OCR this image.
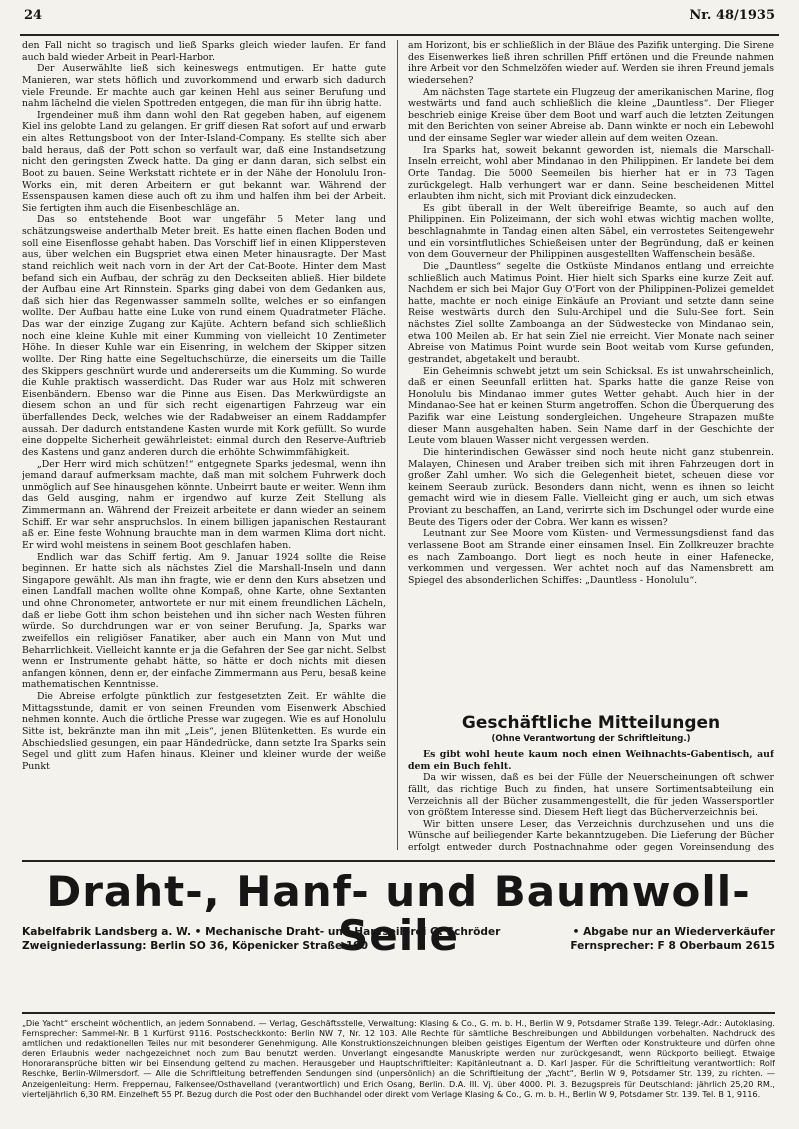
24	Nr. 48/1935

den Fall nicht so tragisch und ließ Sparks gleich wieder laufen. Er fand auch bald wieder Arbeit in Pearl-Harbor.

Der Auserwählte ließ sich keineswegs entmutigen. Er hatte gute Manieren, war stets höflich und zuvorkommend und erwarb sich dadurch viele Freunde. Er machte auch gar keinen Hehl aus seiner Berufung und nahm lächelnd die vielen Spottreden entgegen, die man für ihn übrig hatte.

Irgendeiner muß ihm dann wohl den Rat gegeben haben, auf eigenem Kiel ins gelobte Land zu gelangen. Er griff diesen Rat sofort auf und erwarb ein altes Rettungsboot von der Inter-Island-Company. Es stellte sich aber bald heraus, daß der Pott schon so verfault war, daß eine Instandsetzung nicht den geringsten Zweck hatte. Da ging er dann daran, sich selbst ein Boot zu bauen. Seine Werkstatt richtete er in der Nähe der Honolulu Iron-Works ein, mit deren Arbeitern er gut bekannt war. Während der Essenspausen kamen diese auch oft zu ihm und halfen ihm bei der Arbeit. Sie fertigten ihm auch die Eisenbeschläge an.

Das so entstehende Boot war ungefähr 5 Meter lang und schätzungsweise anderthalb Meter breit. Es hatte einen flachen Boden und soll eine Eisenflosse gehabt haben. Das Vorschiff lief in einen Klippersteven aus, über welchen ein Bugspriet etwa einen Meter hinausragte. Der Mast stand reichlich weit nach vorn in der Art der Cat-Boote. Hinter dem Mast befand sich ein Aufbau, der schräg zu den Deckseiten abließ. Hier bildete der Aufbau eine Art Rinnstein. Sparks ging dabei von dem Gedanken aus, daß sich hier das Regenwasser sammeln sollte, welches er so einfangen wollte. Der Aufbau hatte eine Luke von rund einem Quadratmeter Fläche. Das war der einzige Zugang zur Kajüte. Achtern befand sich schließlich noch eine kleine Kuhle mit einer Kumming von vielleicht 10 Zentimeter Höhe. In dieser Kuhle war ein Eisenring, in welchem der Skipper sitzen wollte. Der Ring hatte eine Segeltuchschürze, die einerseits um die Taille des Skippers geschnürt wurde und andererseits um die Kumming. So wurde die Kuhle praktisch wasserdicht. Das Ruder war aus Holz mit schweren Eisenbändern. Ebenso war die Pinne aus Eisen. Das Merkwürdigste an diesem schon an und für sich recht eigenartigen Fahrzeug war ein überfallendes Deck, welches wie der Radabweiser an einem Raddampfer aussah. Der dadurch entstandene Kasten wurde mit Kork gefüllt. So wurde eine doppelte Sicherheit gewährleistet: einmal durch den Reserve-Auftrieb des Kastens und ganz anderen durch die erhöhte Schwimmfähigkeit.

„Der Herr wird mich schützen!“ entgegnete Sparks jedesmal, wenn ihn jemand darauf aufmerksam machte, daß man mit solchem Fuhrwerk doch unmöglich auf See hinausgehen könnte. Unbeirrt baute er weiter. Wenn ihm das Geld ausging, nahm er irgendwo auf kurze Zeit Stellung als Zimmermann an. Während der Freizeit arbeitete er dann wieder an seinem Schiff. Er war sehr anspruchslos. In einem billigen japanischen Restaurant aß er. Eine feste Wohnung brauchte man in dem warmen Klima dort nicht. Er wird wohl meistens in seinem Boot geschlafen haben.

Endlich war das Schiff fertig. Am 9. Januar 1924 sollte die Reise beginnen. Er hatte sich als nächstes Ziel die Marshall-Inseln und dann Singapore gewählt. Als man ihn fragte, wie er denn den Kurs absetzen und einen Landfall machen wollte ohne Kompaß, ohne Karte, ohne Sextanten und ohne Chronometer, antwortete er nur mit einem freundlichen Lächeln, daß er liebe Gott ihm schon beistehen und ihn sicher nach Westen führen würde. So durchdrungen war er von seiner Berufung. Ja, Sparks war zweifellos ein religiöser Fanatiker, aber auch ein Mann von Mut und Beharrlichkeit. Vielleicht kannte er ja die Gefahren der See gar nicht. Selbst wenn er Instrumente gehabt hätte, so hätte er doch nichts mit diesen anfangen können, denn er, der einfache Zimmermann aus Peru, besaß keine mathematischen Kenntnisse.

Die Abreise erfolgte pünktlich zur festgesetzten Zeit. Er wählte die Mittagsstunde, damit er von seinen Freunden vom Eisenwerk Abschied nehmen konnte. Auch die örtliche Presse war zugegen. Wie es auf Honolulu Sitte ist, bekränzte man ihn mit „Leis“, jenen Blütenketten. Es wurde ein Abschiedslied gesungen, ein paar Händedrücke, dann setzte Ira Sparks sein Segel und glitt zum Hafen hinaus. Kleiner und kleiner wurde der weiße Punkt

am Horizont, bis er schließlich in der Bläue des Pazifik unterging. Die Sirene des Eisenwerkes ließ ihren schrillen Pfiff ertönen und die Freunde nahmen ihre Arbeit vor den Schmelzöfen wieder auf. Werden sie ihren Freund jemals wiedersehen?

Am nächsten Tage startete ein Flugzeug der amerikanischen Marine, flog westwärts und fand auch schließlich die kleine „Dauntless“. Der Flieger beschrieb einige Kreise über dem Boot und warf auch die letzten Zeitungen mit den Berichten von seiner Abreise ab. Dann winkte er noch ein Lebewohl und der einsame Segler war wieder allein auf dem weiten Ozean.

Ira Sparks hat, soweit bekannt geworden ist, niemals die Marschall-Inseln erreicht, wohl aber Mindanao in den Philippinen. Er landete bei dem Orte Tandag. Die 5000 Seemeilen bis hierher hat er in 73 Tagen zurückgelegt. Halb verhungert war er dann. Seine bescheidenen Mittel erlaubten ihm nicht, sich mit Proviant dick einzudecken.

Es gibt überall in der Welt übereifrige Beamte, so auch auf den Philippinen. Ein Polizeimann, der sich wohl etwas wichtig machen wollte, beschlagnahmte in Tandag einen alten Säbel, ein verrostetes Seitengewehr und ein vorsintflutliches Schießeisen unter der Begründung, daß er keinen von dem Gouverneur der Philippinen ausgestellten Waffenschein besäße.

Die „Dauntless“ segelte die Ostküste Mindanos entlang und erreichte schließlich auch Matimus Point. Hier hielt sich Sparks eine kurze Zeit auf. Nachdem er sich bei Major Guy O'Fort von der Philippinen-Polizei gemeldet hatte, machte er noch einige Einkäufe an Proviant und setzte dann seine Reise westwärts durch den Sulu-Archipel und die Sulu-See fort. Sein nächstes Ziel sollte Zamboanga an der Südwestecke von Mindanao sein, etwa 100 Meilen ab. Er hat sein Ziel nie erreicht. Vier Monate nach seiner Abreise von Matimus Point wurde sein Boot weitab vom Kurse gefunden, gestrandet, abgetakelt und beraubt.

Ein Geheimnis schwebt jetzt um sein Schicksal. Es ist unwahrscheinlich, daß er einen Seeunfall erlitten hat. Sparks hatte die ganze Reise von Honolulu bis Mindanao immer gutes Wetter gehabt. Auch hier in der Mindanao-See hat er keinen Sturm angetroffen. Schon die Überquerung des Pazifik war eine Leistung sondergleichen. Ungeheure Strapazen mußte dieser Mann ausgehalten haben. Sein Name darf in der Geschichte der Leute vom blauen Wasser nicht vergessen werden.

Die hinterindischen Gewässer sind noch heute nicht ganz stubenrein. Malayen, Chinesen und Araber treiben sich mit ihren Fahrzeugen dort in großer Zahl umher. Wo sich die Gelegenheit bietet, scheuen diese vor keinem Seeraub zurück. Besonders dann nicht, wenn es ihnen so leicht gemacht wird wie in diesem Falle. Vielleicht ging er auch, um sich etwas Proviant zu beschaffen, an Land, verirrte sich im Dschungel oder wurde eine Beute des Tigers oder der Cobra. Wer kann es wissen?

Leutnant zur See Moore vom Küsten- und Vermessungsdienst fand das verlassene Boot am Strande einer einsamen Insel. Ein Zollkreuzer brachte es nach Zamboango. Dort liegt es noch heute in einer Hafenecke, verkommen und vergessen. Wer achtet noch auf das Namensbrett am Spiegel des absonderlichen Schiffes: „Dauntless - Honolulu“.

Geschäftliche Mitteilungen
(Ohne Verantwortung der Schriftleitung.)

Es gibt wohl heute kaum noch einen Weihnachts-Gabentisch, auf dem ein Buch fehlt.

Da wir wissen, daß es bei der Fülle der Neuerscheinungen oft schwer fällt, das richtige Buch zu finden, hat unsere Sortimentsabteilung ein Verzeichnis all der Bücher zusammengestellt, die für jeden Wassersportler von größtem Interesse sind. Diesem Heft liegt das Bücherverzeichnis bei.

Wir bitten unsere Leser, das Verzeichnis durchzusehen und uns die Wünsche auf beiliegender Karte bekanntzugeben. Die Lieferung der Bücher erfolgt entweder durch Postnachnahme oder gegen Voreinsendung des

Draht-, Hanf- und Baumwoll-Seile
Kabelfabrik Landsberg a. W. • Mechanische Draht- und Hanfseilerei G. Schröder	• Abgabe nur an Wiederverkäufer
Zweigniederlassung: Berlin SO 36, Köpenicker Straße 190	Fernsprecher: F 8 Oberbaum 2615

„Die Yacht“ erscheint wöchentlich, an jedem Sonnabend. — Verlag, Geschäftsstelle, Verwaltung: Klasing & Co., G. m. b. H., Berlin W 9, Potsdamer Straße 139. Telegr.-Adr.: Autoklasing. Fernsprecher: Sammel-Nr. B 1 Kurfürst 9116. Postscheckkonto: Berlin NW 7, Nr. 12 103. Alle Rechte für sämtliche Beschreibungen und Abbildungen vorbehalten. Nachdruck des amtlichen und redaktionellen Teiles nur mit besonderer Genehmigung. Alle Konstruktionszeichnungen bleiben geistiges Eigentum der Werften oder Konstrukteure und dürfen ohne deren Erlaubnis weder nachgezeichnet noch zum Bau benutzt werden. Unverlangt eingesandte Manuskripte werden nur zurückgesandt, wenn Rückporto beiliegt. Etwaige Honoraransprüche bitten wir bei Einsendung geltend zu machen. Herausgeber und Hauptschriftleiter: Kapitänleutnant a. D. Karl Jasper. Für die Schriftleitung verantwortlich: Rolf Reschke, Berlin-Wilmersdorf. — Alle die Schriftleitung betreffenden Sendungen sind (unpersönlich) an die Schriftleitung der „Yacht“, Berlin W 9, Potsdamer Str. 139, zu richten. — Anzeigenleitung: Herm. Freppernau, Falkensee/Osthavelland (verantwortlich) und Erich Osang, Berlin. D.A. III. Vj. über 4000. Pl. 3. Bezugspreis für Deutschland: jährlich 25,20 RM., vierteljährlich 6,30 RM. Einzelheft 55 Pf. Bezug durch die Post oder den Buchhandel oder direkt vom Verlage Klasing & Co., G. m. b. H., Berlin W 9, Potsdamer Str. 139. Tel. B 1, 9116.
